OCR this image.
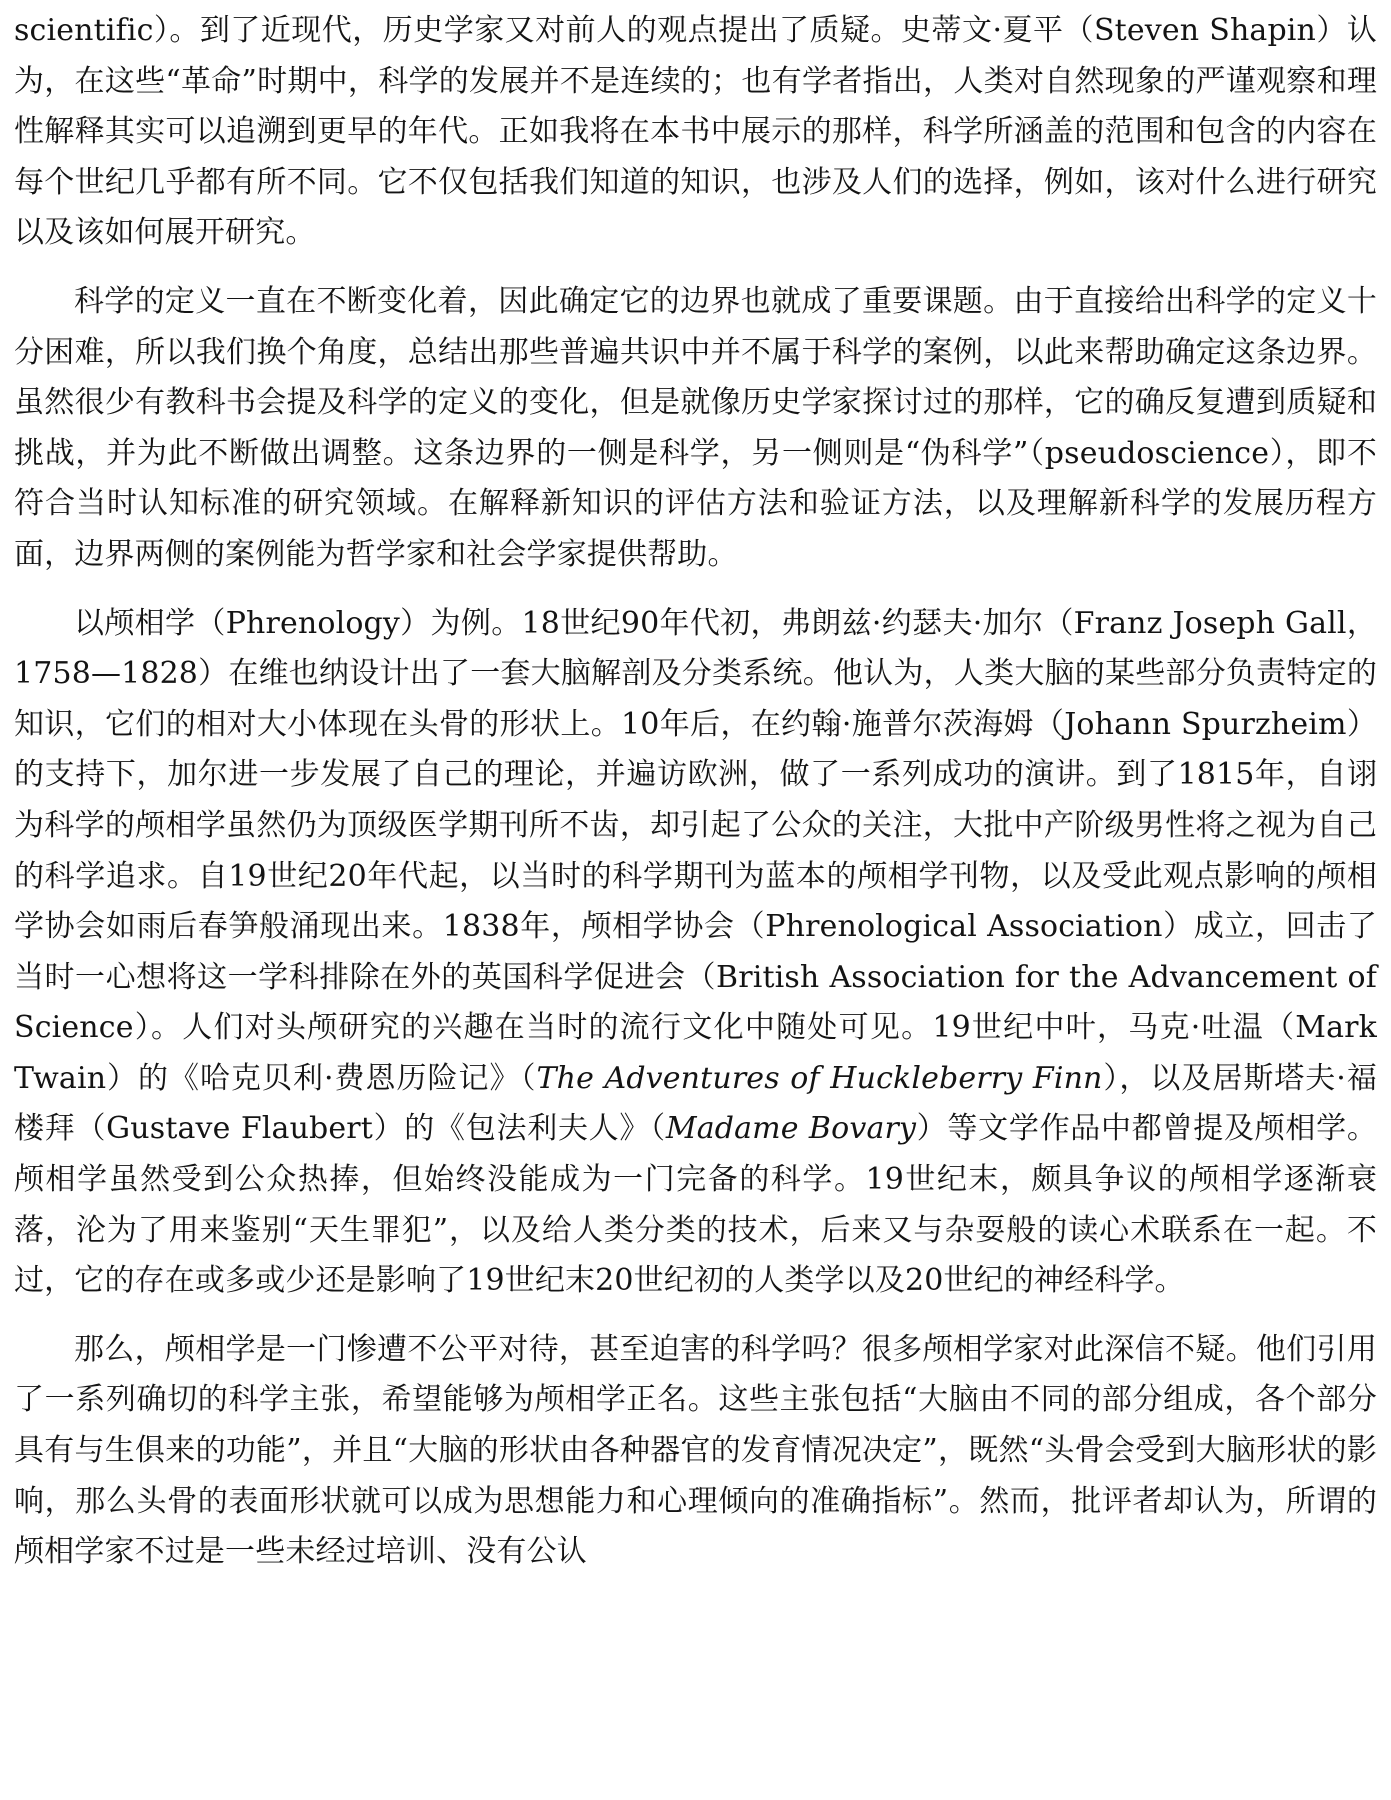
scientific）。到了近现代，历史学家又对前人的观点提出了质疑。史蒂文·夏平（Steven Shapin）认为，在这些“革命”时期中，科学的发展并不是连续的；也有学者指出，人类对自然现象的严谨观察和理性解释其实可以追溯到更早的年代。正如我将在本书中展示的那样，科学所涵盖的范围和包含的内容在每个世纪几乎都有所不同。它不仅包括我们知道的知识，也涉及人们的选择，例如，该对什么进行研究以及该如何展开研究。

科学的定义一直在不断变化着，因此确定它的边界也就成了重要课题。由于直接给出科学的定义十分困难，所以我们换个角度，总结出那些普遍共识中并不属于科学的案例，以此来帮助确定这条边界。虽然很少有教科书会提及科学的定义的变化，但是就像历史学家探讨过的那样，它的确反复遭到质疑和挑战，并为此不断做出调整。这条边界的一侧是科学，另一侧则是“伪科学”（pseudoscience），即不符合当时认知标准的研究领域。在解释新知识的评估方法和验证方法，以及理解新科学的发展历程方面，边界两侧的案例能为哲学家和社会学家提供帮助。

以颅相学（Phrenology）为例。18世纪90年代初，弗朗兹·约瑟夫·加尔（Franz Joseph Gall，1758—1828）在维也纳设计出了一套大脑解剖及分类系统。他认为，人类大脑的某些部分负责特定的知识，它们的相对大小体现在头骨的形状上。10年后，在约翰·施普尔茨海姆（Johann Spurzheim）的支持下，加尔进一步发展了自己的理论，并遍访欧洲，做了一系列成功的演讲。到了1815年，自诩为科学的颅相学虽然仍为顶级医学期刊所不齿，却引起了公众的关注，大批中产阶级男性将之视为自己的科学追求。自19世纪20年代起，以当时的科学期刊为蓝本的颅相学刊物，以及受此观点影响的颅相学协会如雨后春笋般涌现出来。1838年，颅相学协会（Phrenological Association）成立，回击了当时一心想将这一学科排除在外的英国科学促进会（British Association for the Advancement of Science）。人们对头颅研究的兴趣在当时的流行文化中随处可见。19世纪中叶，马克·吐温（Mark Twain）的《哈克贝利·费恩历险记》（The Adventures of Huckleberry Finn），以及居斯塔夫·福楼拜（Gustave Flaubert）的《包法利夫人》（Madame Bovary）等文学作品中都曾提及颅相学。颅相学虽然受到公众热捧，但始终没能成为一门完备的科学。19世纪末，颇具争议的颅相学逐渐衰落，沦为了用来鉴别“天生罪犯”，以及给人类分类的技术，后来又与杂耍般的读心术联系在一起。不过，它的存在或多或少还是影响了19世纪末20世纪初的人类学以及20世纪的神经科学。

那么，颅相学是一门惨遭不公平对待，甚至迫害的科学吗？很多颅相学家对此深信不疑。他们引用了一系列确切的科学主张，希望能够为颅相学正名。这些主张包括“大脑由不同的部分组成，各个部分具有与生俱来的功能”，并且“大脑的形状由各种器官的发育情况决定”，既然“头骨会受到大脑形状的影响，那么头骨的表面形状就可以成为思想能力和心理倾向的准确指标”。然而，批评者却认为，所谓的颅相学家不过是一些未经过培训、没有公认
